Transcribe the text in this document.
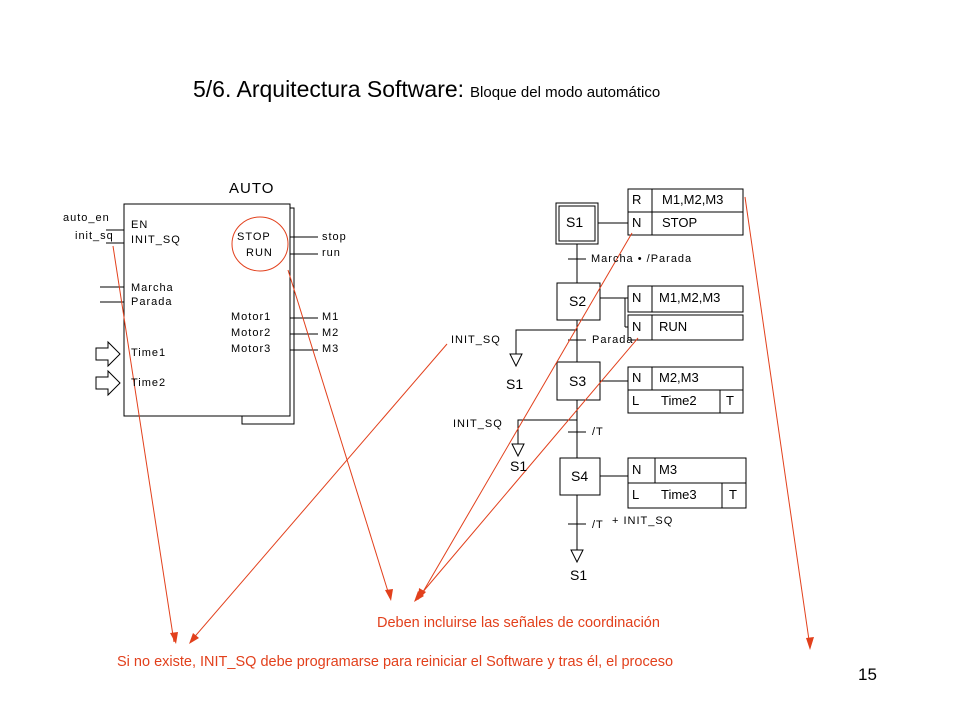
5/6. Arquitectura Software: Bloque del modo automático
AUTO
auto_en
init_sq
EN
INIT_SQ
Marcha
Parada
Time1
Time2
STOP
RUN
Motor1
Motor2
Motor3
stop
run
M1
M2
M3
S1
S2
S3
S4
R M1,M2,M3
N STOP
N M1,M2,M3
N RUN
N M2,M3
L Time2 T
N M3
L Time3 T
Marcha • /Parada
Parada
/T
/T + INIT_SQ
INIT_SQ
INIT_SQ
S1
S1
S1
Deben incluirse las señales de coordinación
Si no existe, INIT_SQ debe programarse para reiniciar el Software y tras él, el proceso
15
